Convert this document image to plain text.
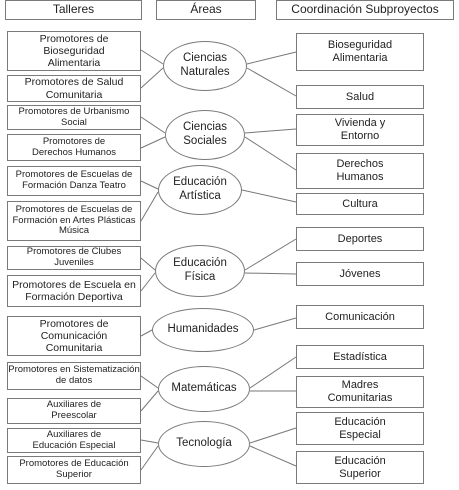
Talleres	Áreas	Coordinación Subproyectos
Promotores de
Bioseguridad
Alimentaria
Promotores de Salud
Comunitaria
Promotores de Urbanismo
Social
Promotores de
Derechos Humanos
Promotores de Escuelas de
Formación Danza Teatro
Promotores de Escuelas de
Formación en Artes Plásticas
Música
Promotores de Clubes
Juveniles
Promotores de Escuela en
Formación Deportiva
Promotores de
Comunicación
Comunitaria
Promotores en Sistematización
de datos
Auxiliares de
Preescolar
Auxiliares de
Educación Especial
Promotores de Educación
Superior
Ciencias
Naturales
Ciencias
Sociales
Educación
Artística
Educación
Física
Humanidades
Matemáticas
Tecnología
Bioseguridad
Alimentaria
Salud
Vivienda y
Entorno
Derechos
Humanos
Cultura
Deportes
Jóvenes
Comunicación
Estadística
Madres
Comunitarias
Educación
Especial
Educación
Superior
